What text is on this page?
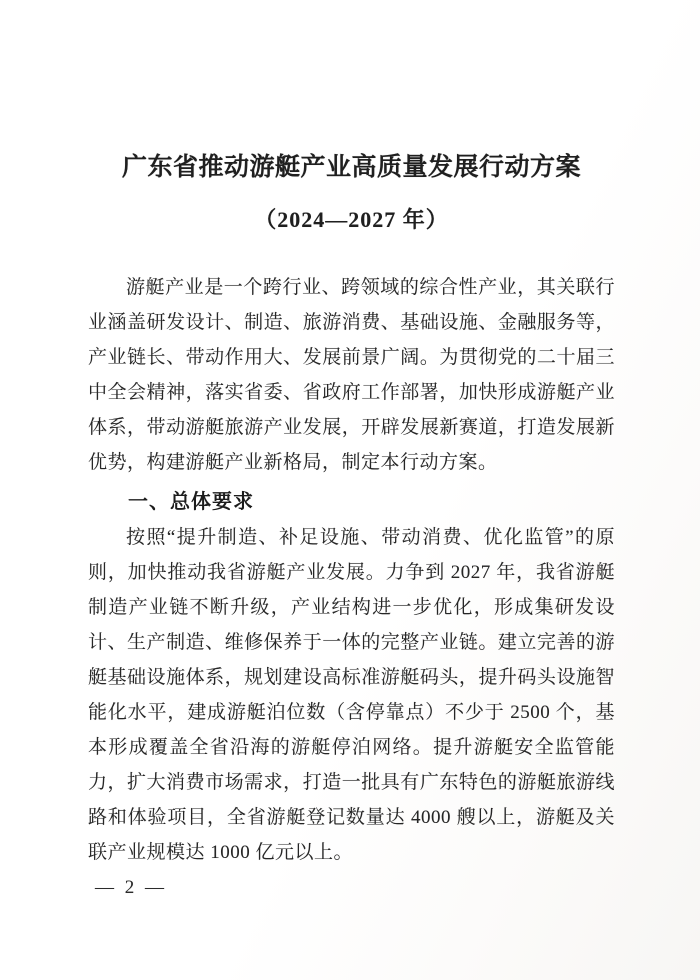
广东省推动游艇产业高质量发展行动方案
（2024—2027 年）

游艇产业是一个跨行业、跨领域的综合性产业，其关联行业涵盖研发设计、制造、旅游消费、基础设施、金融服务等，产业链长、带动作用大、发展前景广阔。为贯彻党的二十届三中全会精神，落实省委、省政府工作部署，加快形成游艇产业体系，带动游艇旅游产业发展，开辟发展新赛道，打造发展新优势，构建游艇产业新格局，制定本行动方案。

一、总体要求

按照“提升制造、补足设施、带动消费、优化监管”的原则，加快推动我省游艇产业发展。力争到 2027 年，我省游艇制造产业链不断升级，产业结构进一步优化，形成集研发设计、生产制造、维修保养于一体的完整产业链。建立完善的游艇基础设施体系，规划建设高标准游艇码头，提升码头设施智能化水平，建成游艇泊位数（含停靠点）不少于 2500 个，基本形成覆盖全省沿海的游艇停泊网络。提升游艇安全监管能力，扩大消费市场需求，打造一批具有广东特色的游艇旅游线路和体验项目，全省游艇登记数量达 4000 艘以上，游艇及关联产业规模达 1000 亿元以上。

— 2 —
